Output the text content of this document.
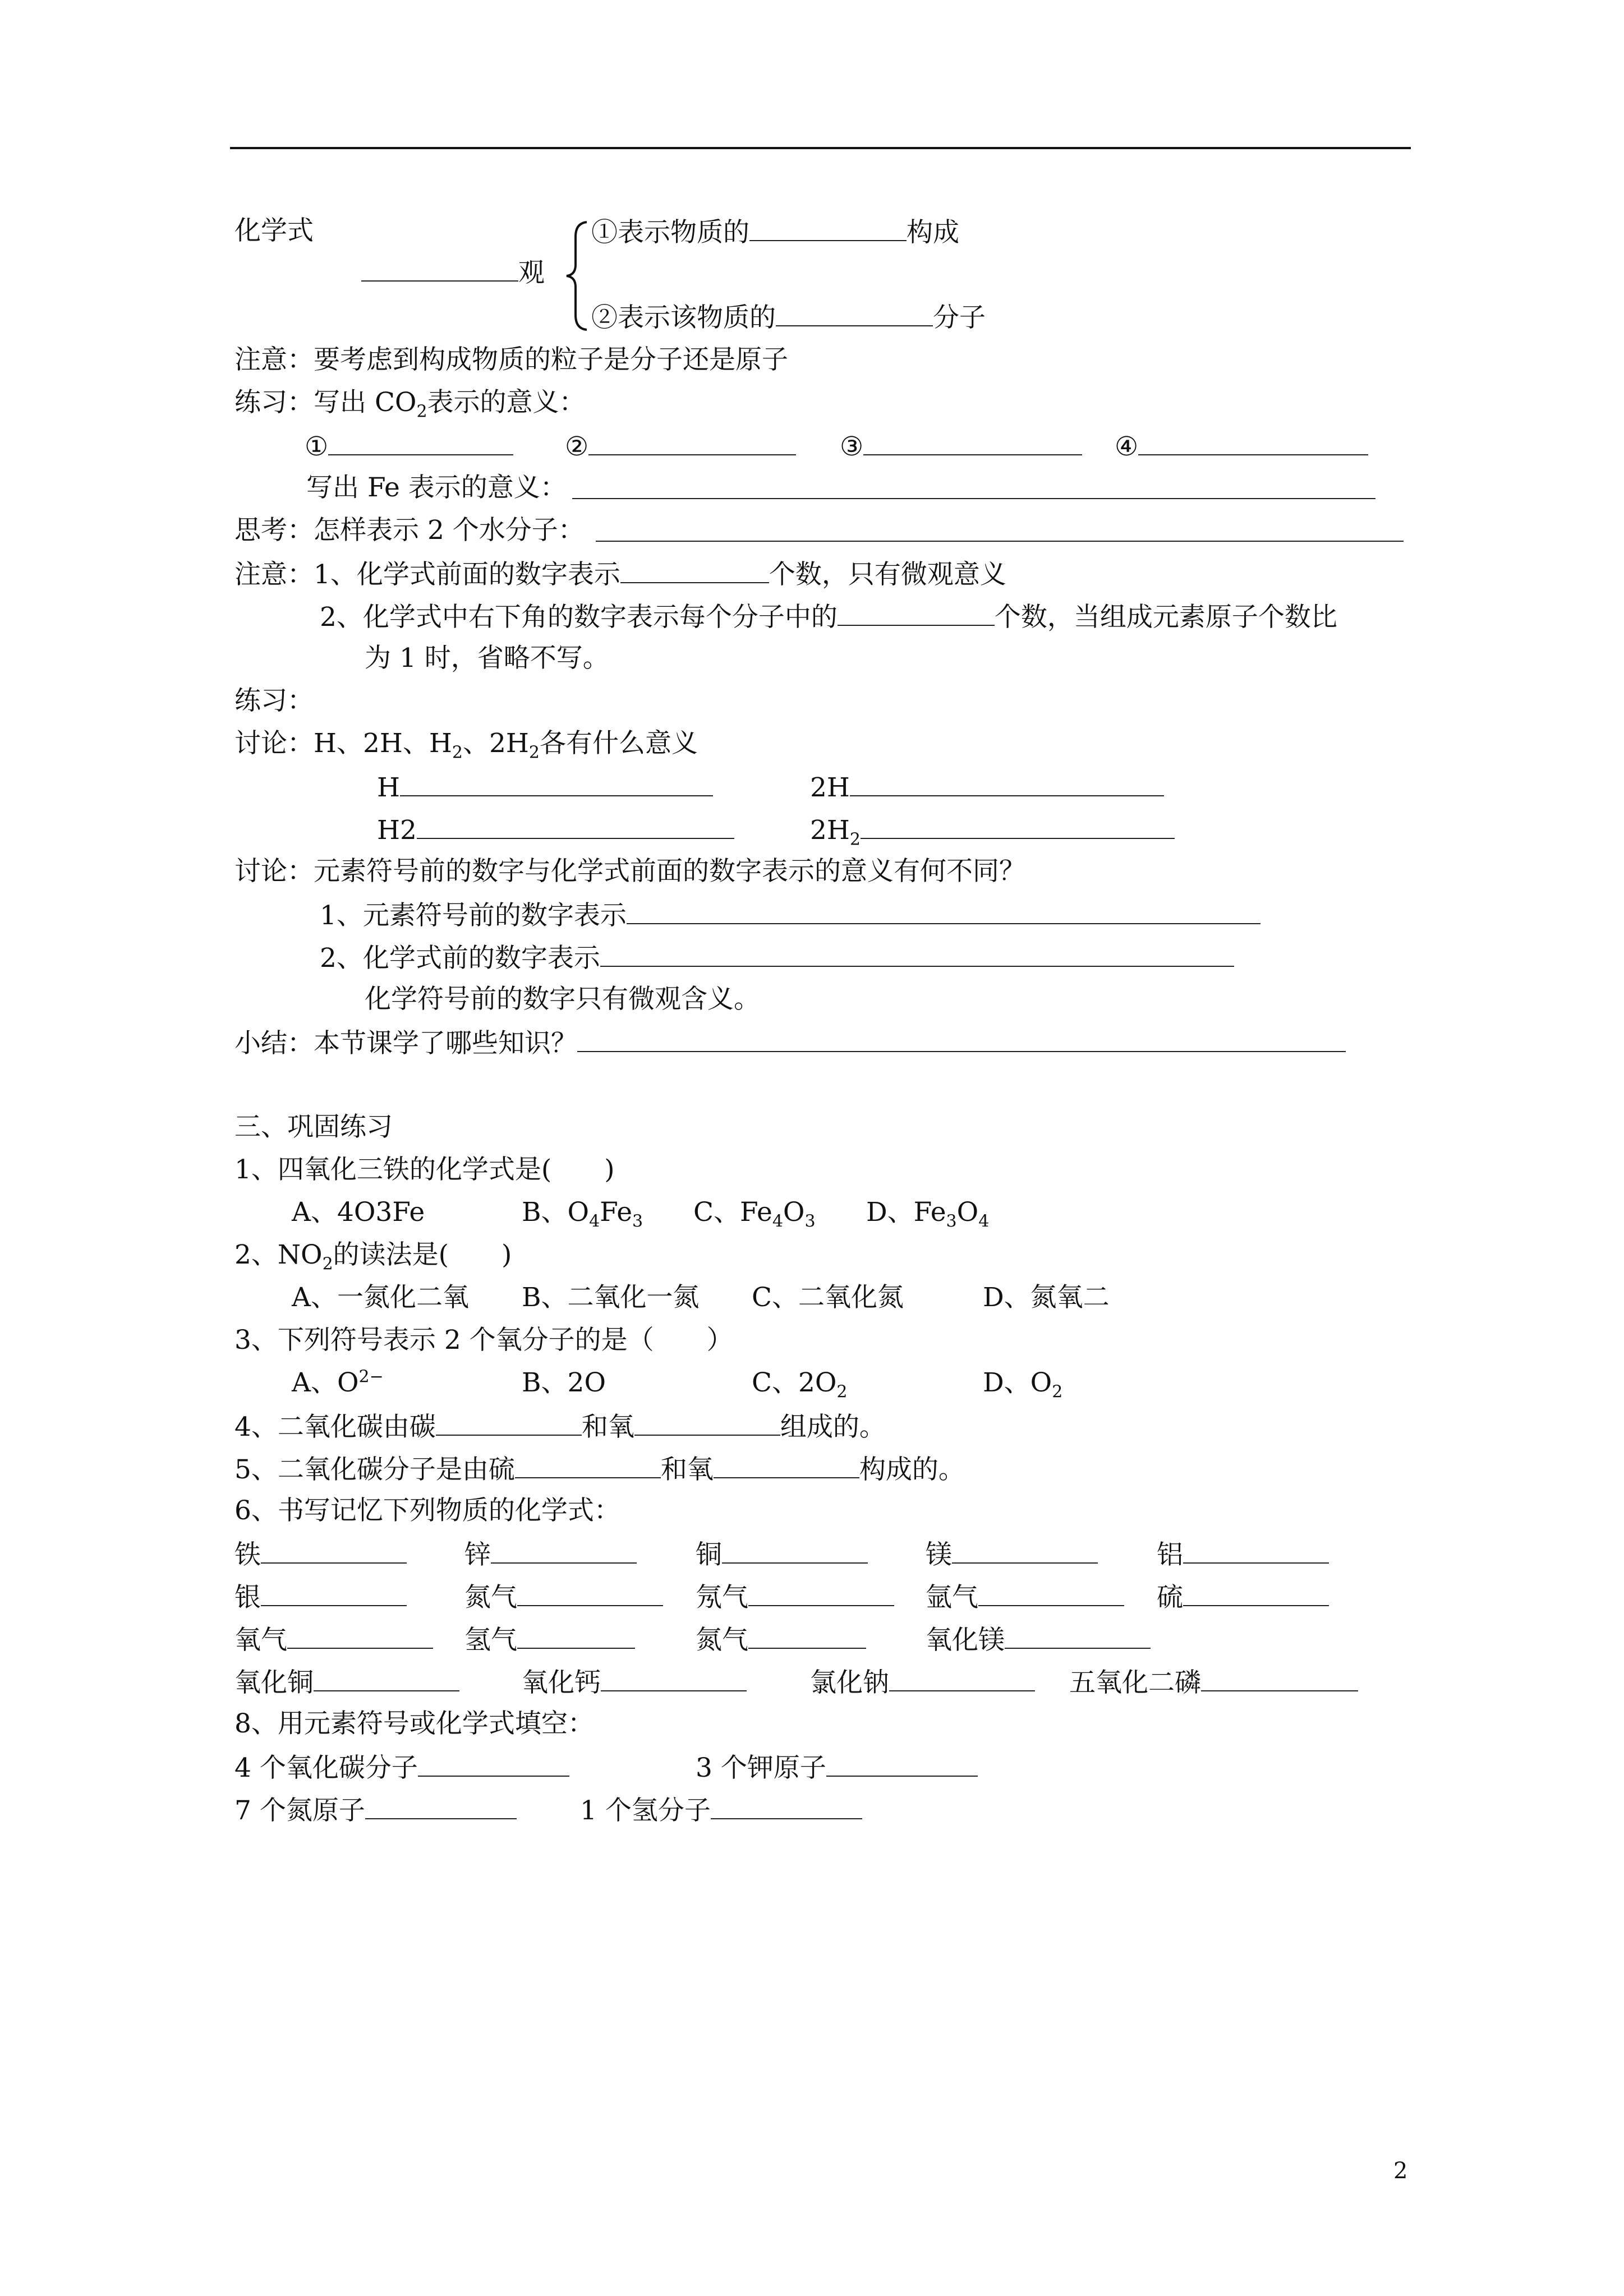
化学式
观
①表示物质的	构成
②表示该物质的	分子
注意：要考虑到构成物质的粒子是分子还是原子
练习：写出 $CO_2$表示的意义：
①	②	③	④
写出 Fe 表示的意义：
思考：怎样表示 2 个水分子：
注意：1、化学式前面的数字表示	个数，只有微观意义
2、化学式中右下角的数字表示每个分子中的	个数，当组成元素原子个数比
为 1 时，省略不写。
练习：
讨论：H、2H、$H_2$、$2H_2$各有什么意义
H	2H
H2	$2H_2$
讨论：元素符号前的数字与化学式前面的数字表示的意义有何不同？
1、元素符号前的数字表示
2、化学式前的数字表示
化学符号前的数字只有微观含义。
小结：本节课学了哪些知识？
三、巩固练习
1、四氧化三铁的化学式是(　　)
A、4O3Fe	B、$O_4Fe_3$ C、$Fe_4O_3$ D、$Fe_3O_4$
2、$NO_2$的读法是(　　)
A、一氮化二氧 B、二氧化一氮 C、二氧化氮	D、氮氧二
3、下列符号表示 2 个氧分子的是（　　）
A、$O^{2-}$	B、2O	C、$2O_2$	D、$O_2$
4、二氧化碳由碳	和氧	组成的。
5、二氧化碳分子是由硫	和氧	构成的。
6、书写记忆下列物质的化学式：
铁	锌	铜	镁	铝
银	氮气	氖气	氩气	硫
氧气	氢气	氮气	氧化镁
氧化铜	氧化钙	氯化钠	五氧化二磷
8、用元素符号或化学式填空：
4 个氧化碳分子	3 个钾原子
7 个氮原子	1 个氢分子
2
